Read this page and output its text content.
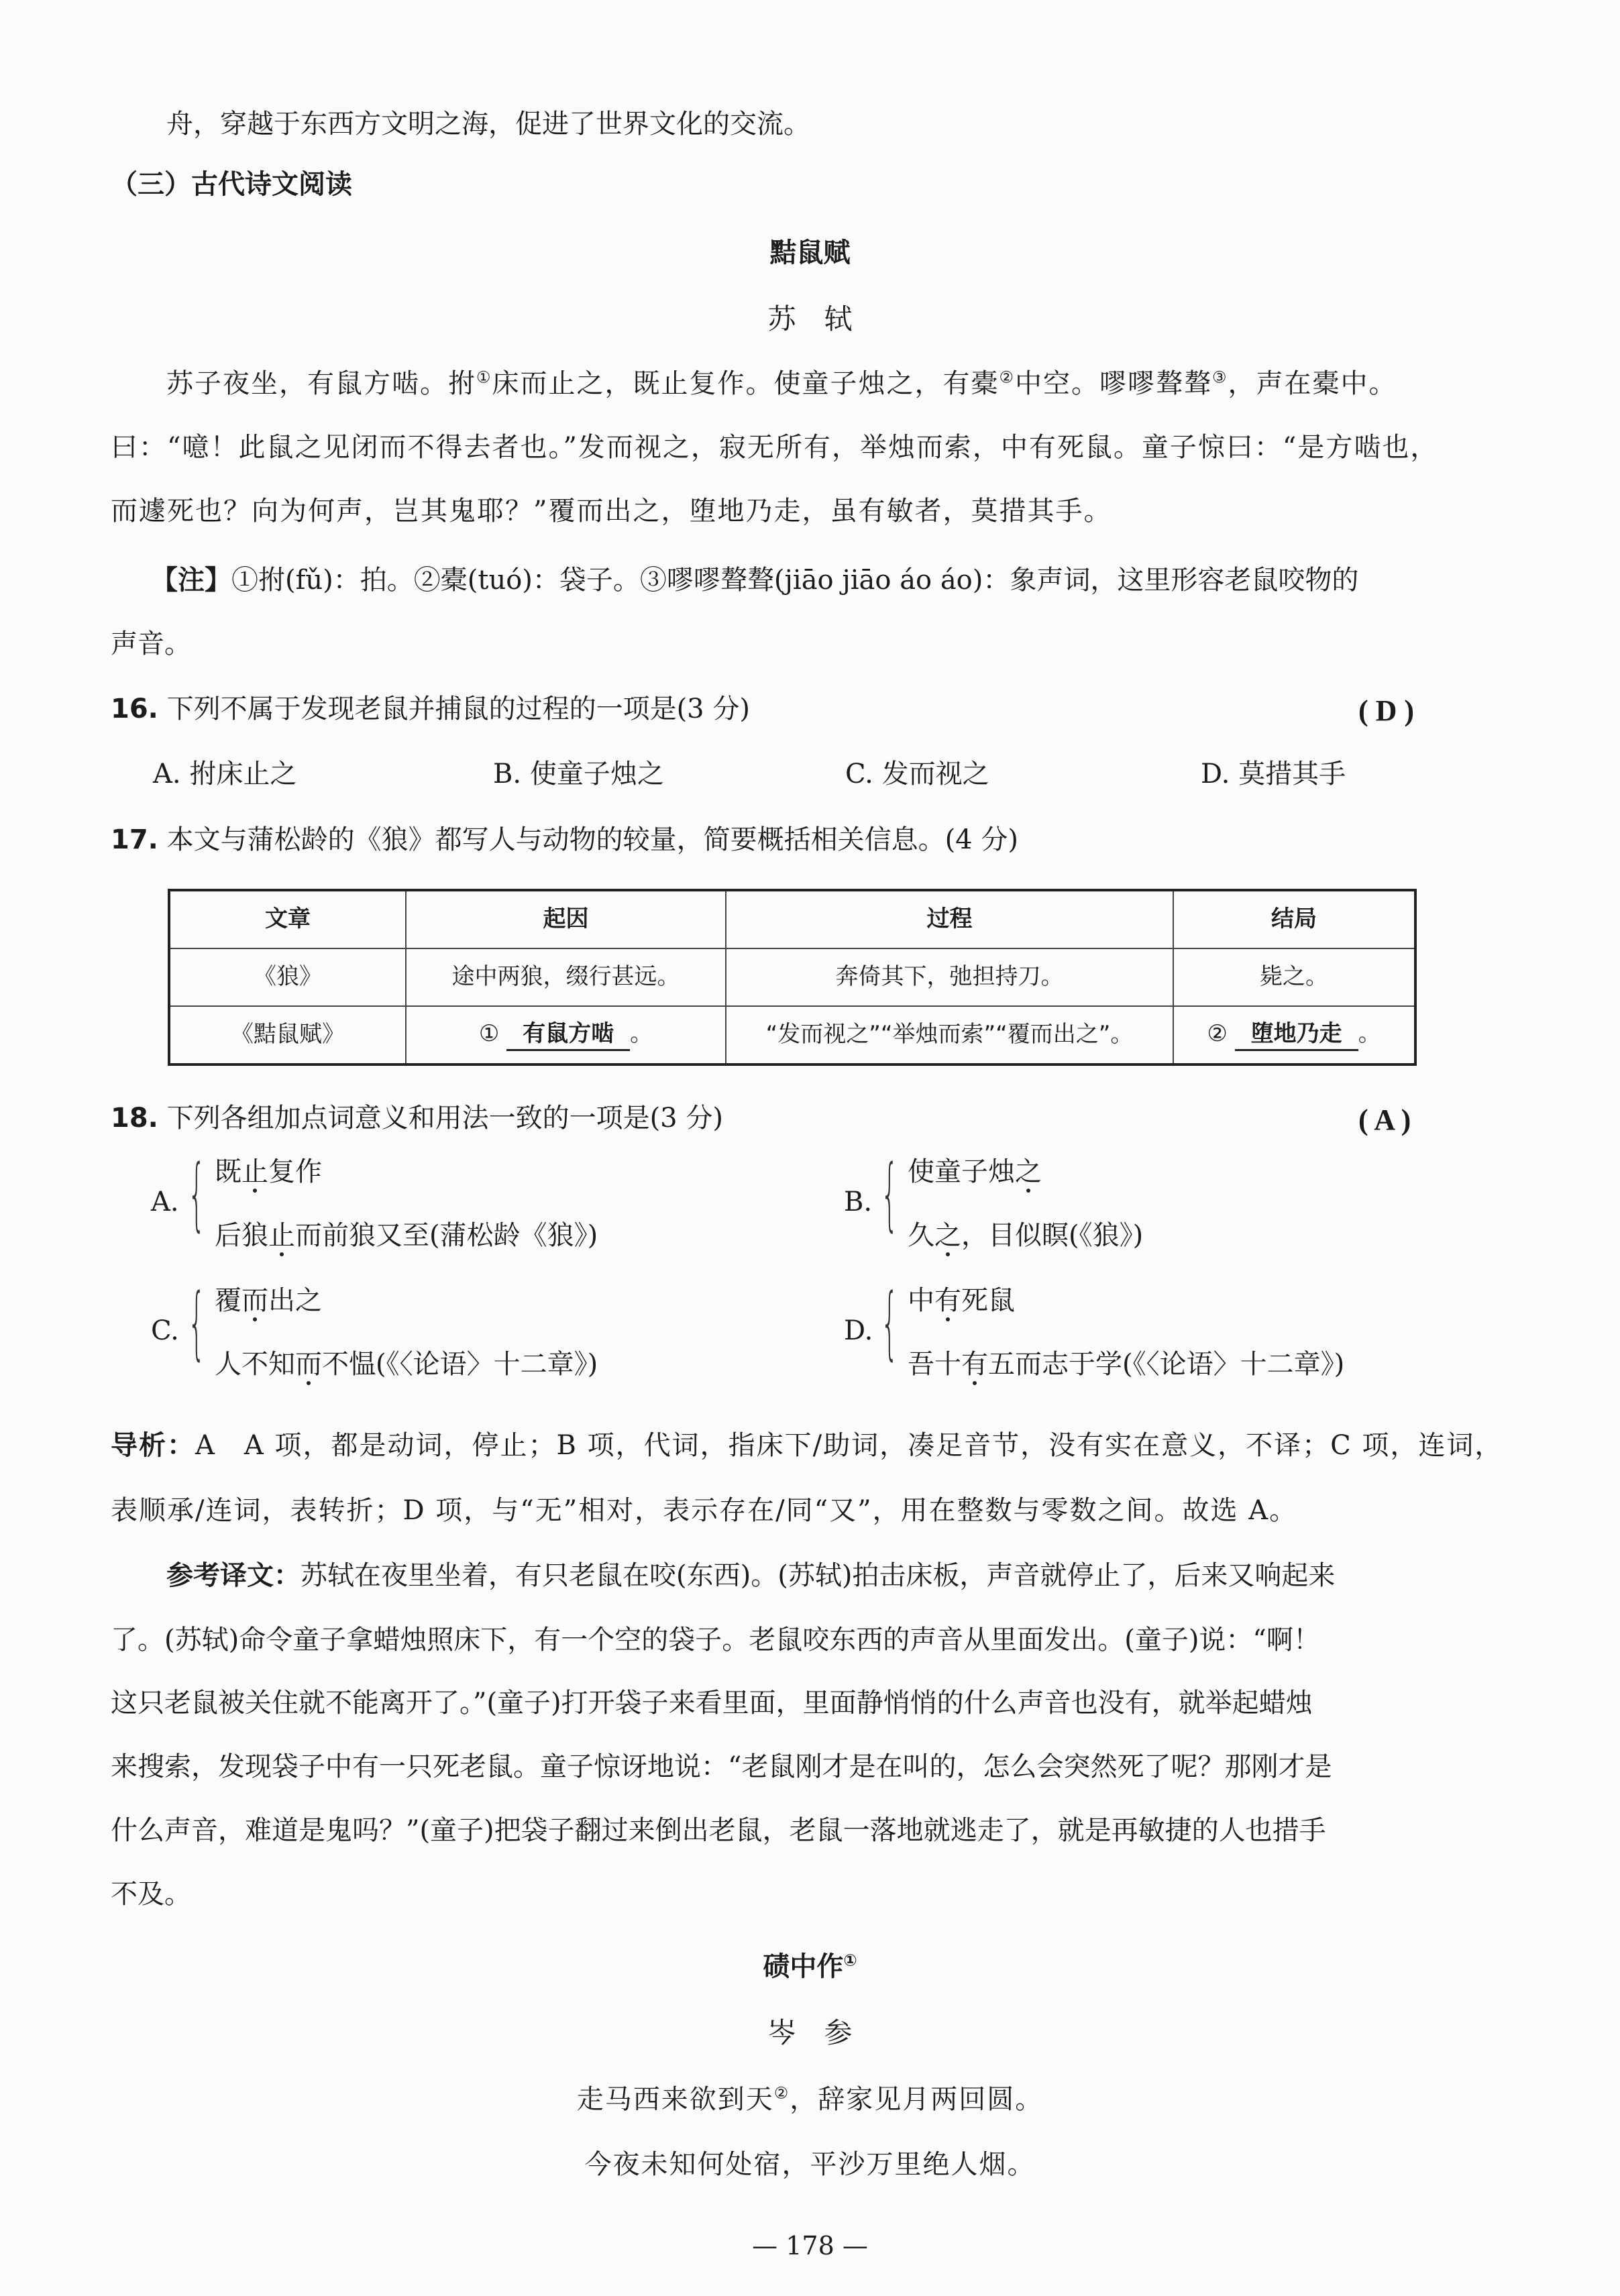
舟，穿越于东西方文明之海，促进了世界文化的交流。
（三）古代诗文阅读
黠鼠赋
苏　轼
苏子夜坐，有鼠方啮。拊①床而止之，既止复作。使童子烛之，有橐②中空。嘐嘐聱聱③，声在橐中。
曰：“噫！此鼠之见闭而不得去者也。”发而视之，寂无所有，举烛而索，中有死鼠。童子惊曰：“是方啮也，
而遽死也？向为何声，岂其鬼耶？”覆而出之，堕地乃走，虽有敏者，莫措其手。
【注】①拊(fǔ)：拍。②橐(tuó)：袋子。③嘐嘐聱聱(jiāo jiāo áo áo)：象声词，这里形容老鼠咬物的
声音。
16. 下列不属于发现老鼠并捕鼠的过程的一项是(3 分)	( D )
A. 拊床止之	B. 使童子烛之	C. 发而视之	D. 莫措其手
17. 本文与蒲松龄的《狼》都写人与动物的较量，简要概括相关信息。(4 分)
文章	起因	过程	结局
《狼》	途中两狼，缀行甚远。	奔倚其下，弛担持刀。	毙之。
《黠鼠赋》	① 有鼠方啮 。	“发而视之”“举烛而索”“覆而出之”。	② 堕地乃走 。
18. 下列各组加点词意义和用法一致的一项是(3 分)	( A )
A. { 既止复作
后狼止而前狼又至(蒲松龄《狼》)
B. { 使童子烛之
久之，目似瞑(《狼》)
C. { 覆而出之
人不知而不愠(《〈论语〉十二章》)
D. { 中有死鼠
吾十有五而志于学(《〈论语〉十二章》)
导析：A　A 项，都是动词，停止；B 项，代词，指床下/助词，凑足音节，没有实在意义，不译；C 项，连词，
表顺承/连词，表转折；D 项，与“无”相对，表示存在/同“又”，用在整数与零数之间。故选 A。
参考译文：苏轼在夜里坐着，有只老鼠在咬(东西)。(苏轼)拍击床板，声音就停止了，后来又响起来
了。(苏轼)命令童子拿蜡烛照床下，有一个空的袋子。老鼠咬东西的声音从里面发出。(童子)说：“啊！
这只老鼠被关住就不能离开了。”(童子)打开袋子来看里面，里面静悄悄的什么声音也没有，就举起蜡烛
来搜索，发现袋子中有一只死老鼠。童子惊讶地说：“老鼠刚才是在叫的，怎么会突然死了呢？那刚才是
什么声音，难道是鬼吗？”(童子)把袋子翻过来倒出老鼠，老鼠一落地就逃走了，就是再敏捷的人也措手
不及。
碛中作①
岑　参
走马西来欲到天②，辞家见月两回圆。
今夜未知何处宿，平沙万里绝人烟。
— 178 —
